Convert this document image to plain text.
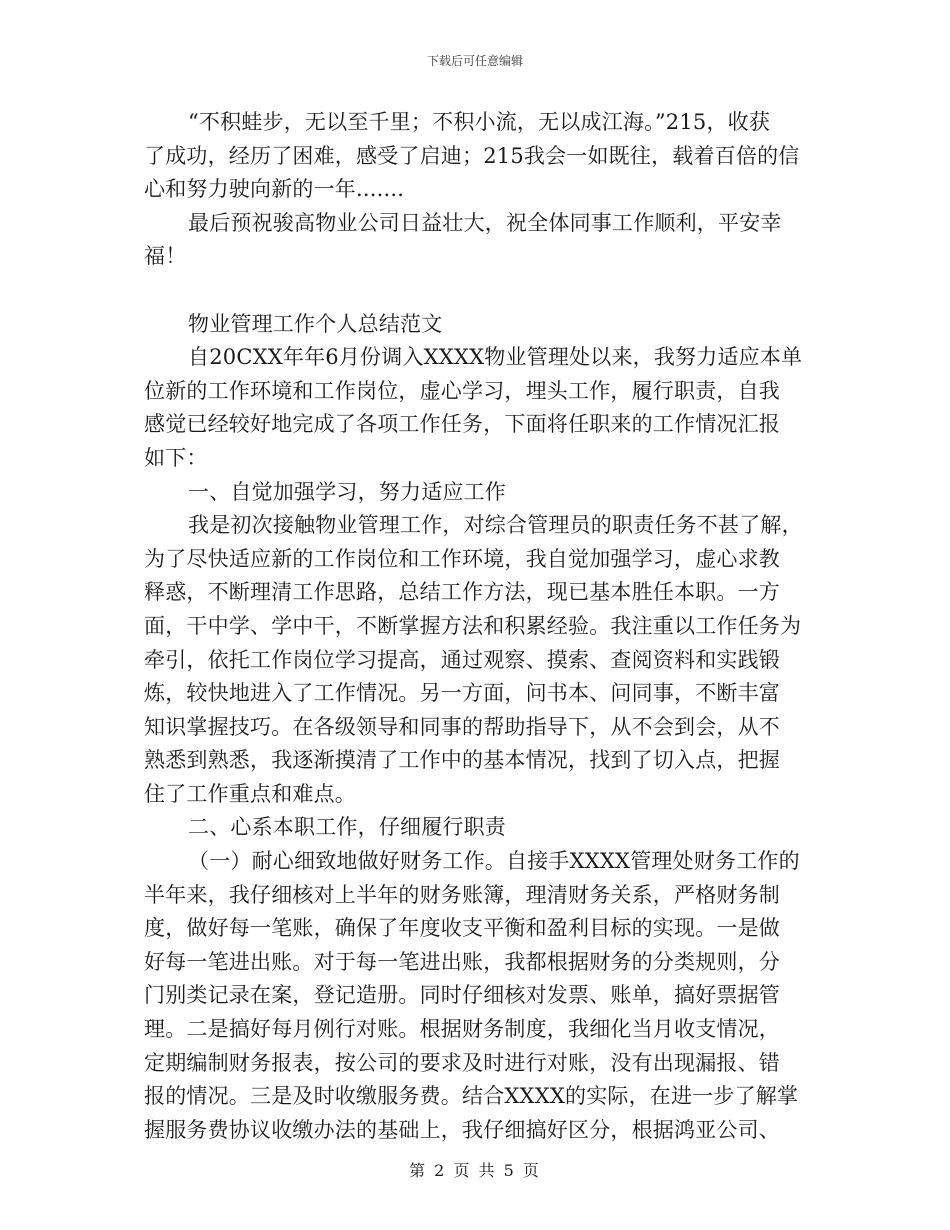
下载后可任意编辑
“不积蛙步，无以至千里；不积小流，无以成江海。”215，收获
了成功，经历了困难，感受了启迪；215我会一如既往，载着百倍的信
心和努力驶向新的一年.......
最后预祝骏高物业公司日益壮大，祝全体同事工作顺利，平安幸
福！
物业管理工作个人总结范文
自20CXX年年6月份调入XXXX物业管理处以来，我努力适应本单
位新的工作环境和工作岗位，虚心学习，埋头工作，履行职责，自我
感觉已经较好地完成了各项工作任务，下面将任职来的工作情况汇报
如下：
一、自觉加强学习，努力适应工作
我是初次接触物业管理工作，对综合管理员的职责任务不甚了解，
为了尽快适应新的工作岗位和工作环境，我自觉加强学习，虚心求教
释惑，不断理清工作思路，总结工作方法，现已基本胜任本职。一方
面，干中学、学中干，不断掌握方法和积累经验。我注重以工作任务为
牵引，依托工作岗位学习提高，通过观察、摸索、查阅资料和实践锻
炼，较快地进入了工作情况。另一方面，问书本、问同事，不断丰富
知识掌握技巧。在各级领导和同事的帮助指导下，从不会到会，从不
熟悉到熟悉，我逐渐摸清了工作中的基本情况，找到了切入点，把握
住了工作重点和难点。
二、心系本职工作，仔细履行职责
（一）耐心细致地做好财务工作。自接手XXXX管理处财务工作的
半年来，我仔细核对上半年的财务账簿，理清财务关系，严格财务制
度，做好每一笔账，确保了年度收支平衡和盈利目标的实现。一是做
好每一笔进出账。对于每一笔进出账，我都根据财务的分类规则，分
门别类记录在案，登记造册。同时仔细核对发票、账单，搞好票据管
理。二是搞好每月例行对账。根据财务制度，我细化当月收支情况，
定期编制财务报表，按公司的要求及时进行对账，没有出现漏报、错
报的情况。三是及时收缴服务费。结合XXXX的实际，在进一步了解掌
握服务费协议收缴办法的基础上，我仔细搞好区分，根据鸿亚公司、
第 2 页 共 5 页
